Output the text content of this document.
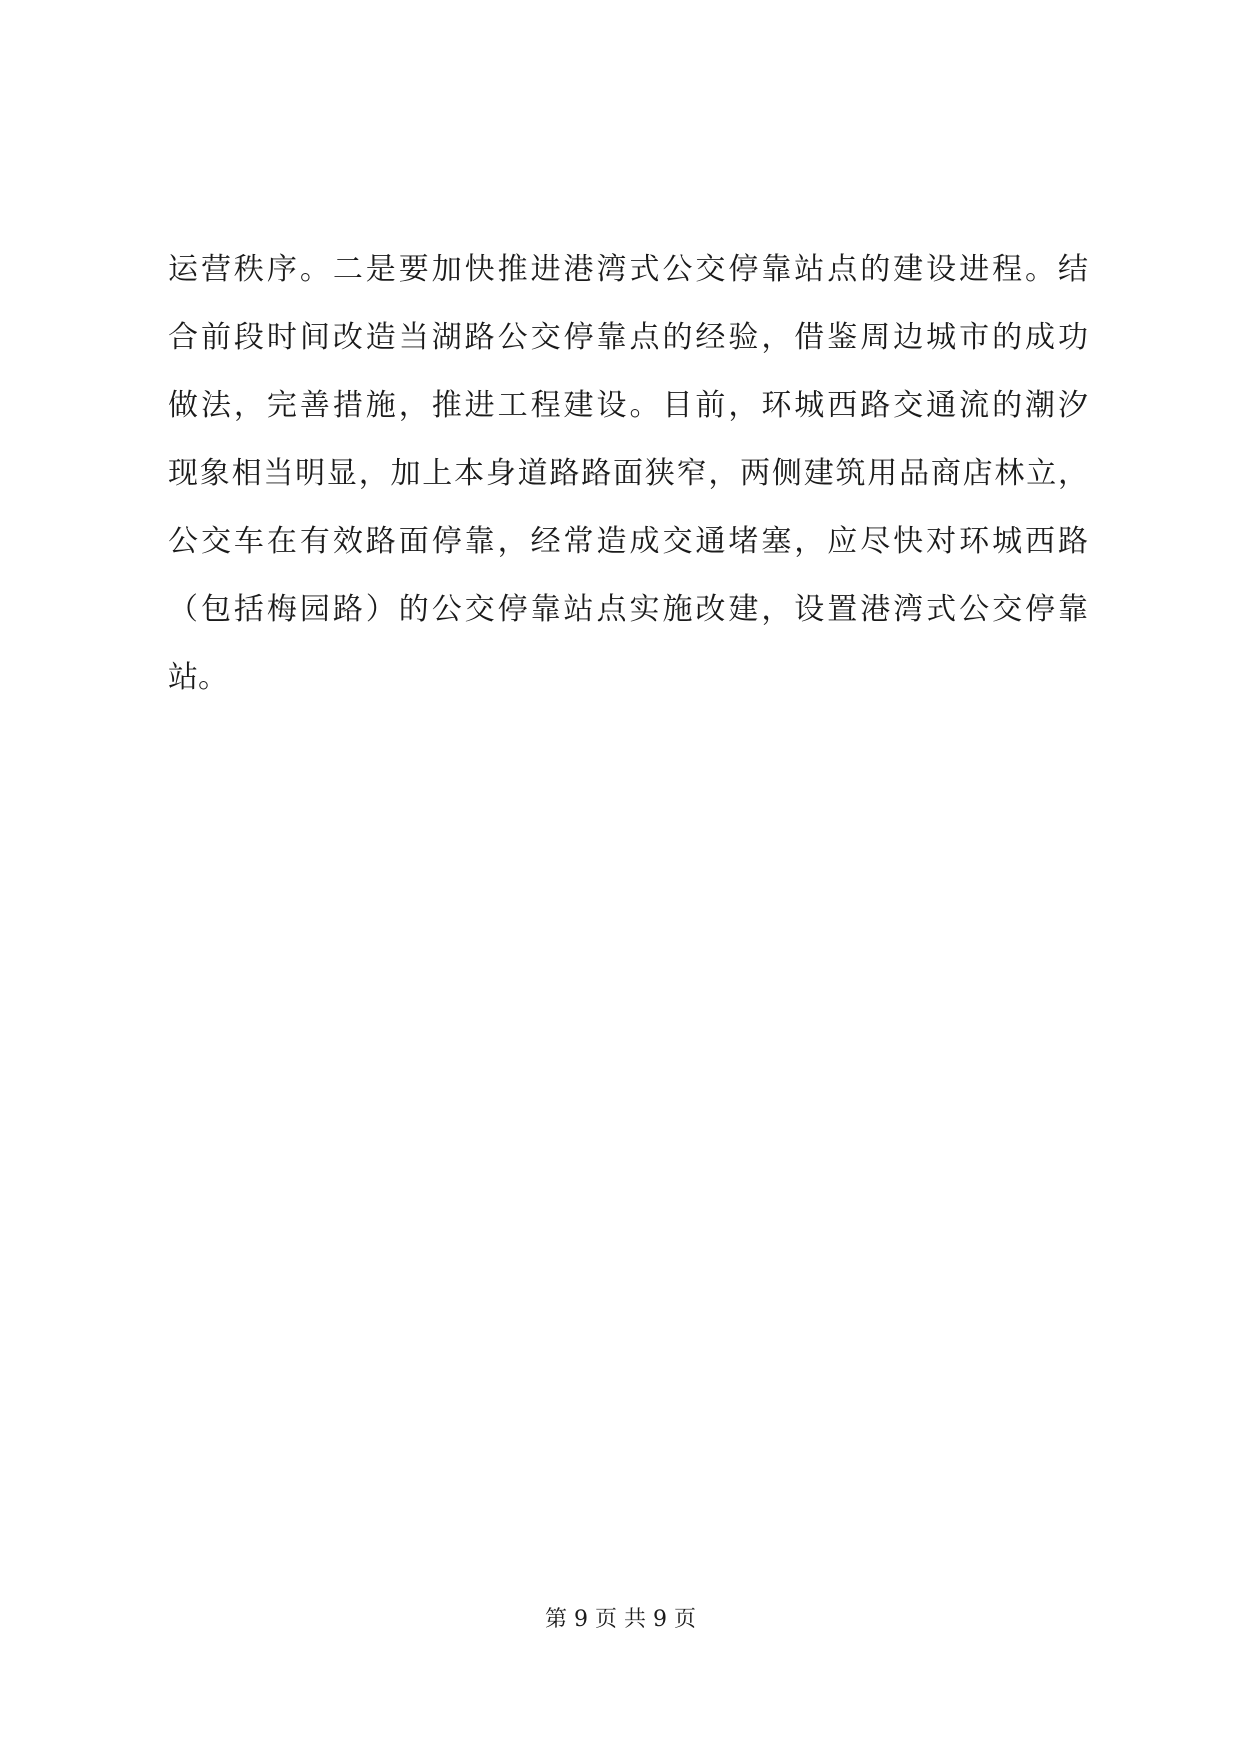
运营秩序。二是要加快推进港湾式公交停靠站点的建设进程。结
合前段时间改造当湖路公交停靠点的经验，借鉴周边城市的成功
做法，完善措施，推进工程建设。目前，环城西路交通流的潮汐
现象相当明显，加上本身道路路面狭窄，两侧建筑用品商店林立，
公交车在有效路面停靠，经常造成交通堵塞，应尽快对环城西路
（包括梅园路）的公交停靠站点实施改建，设置港湾式公交停靠
站。
第 9 页 共 9 页
